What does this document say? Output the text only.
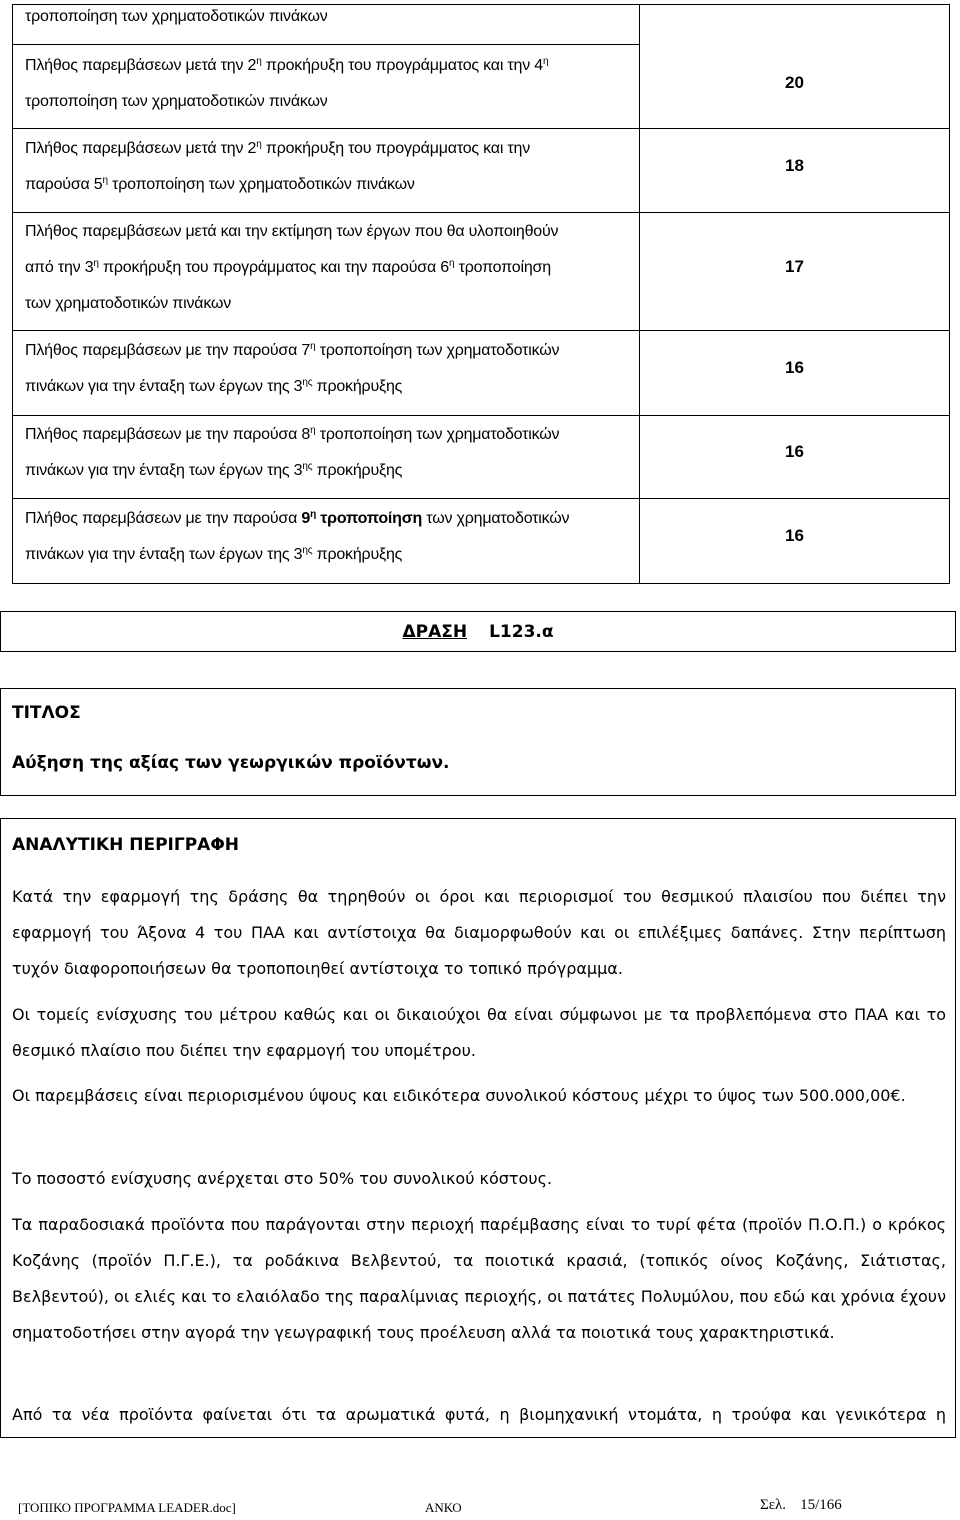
τροποποίηση των χρηματοδοτικών πινάκων
Πλήθος παρεμβάσεων μετά την $2^\eta$ προκήρυξη του προγράμματος και την $4^\eta$
τροποποίηση των χρηματοδοτικών πινάκων
20
Πλήθος παρεμβάσεων μετά την $2^\eta$ προκήρυξη του προγράμματος και την
παρούσα $5^\eta$ τροποποίηση των χρηματοδοτικών πινάκων
18
Πλήθος παρεμβάσεων μετά και την εκτίμηση των έργων που θα υλοποιηθούν
από την $3^\eta$ προκήρυξη του προγράμματος και την παρούσα $6^\eta$ τροποποίηση
των χρηματοδοτικών πινάκων
17
Πλήθος παρεμβάσεων με την παρούσα $7^\eta$ τροποποίηση των χρηματοδοτικών
πινάκων για την ένταξη των έργων της $3^{\eta\varsigma}$ προκήρυξης
16
Πλήθος παρεμβάσεων με την παρούσα $8^\eta$ τροποποίηση των χρηματοδοτικών
πινάκων για την ένταξη των έργων της $3^{\eta\varsigma}$ προκήρυξης
16
Πλήθος παρεμβάσεων με την παρούσα $9^\eta$ τροποποίηση των χρηματοδοτικών
πινάκων για την ένταξη των έργων της $3^{\eta\varsigma}$ προκήρυξης
16
ΔΡΑΣΗ L123.α
ΤΙΤΛΟΣ
Αύξηση της αξίας των γεωργικών προϊόντων.
ΑΝΑΛΥΤΙΚΗ ΠΕΡΙΓΡΑΦΗ

Κατά την εφαρμογή της δράσης θα τηρηθούν οι όροι και περιορισμοί του θεσμικού πλαισίου που διέπει την εφαρμογή του Άξονα 4 του ΠΑΑ και αντίστοιχα θα διαμορφωθούν και οι επιλέξιμες δαπάνες. Στην περίπτωση τυχόν διαφοροποιήσεων θα τροποποιηθεί αντίστοιχα το τοπικό πρόγραμμα.

Οι τομείς ενίσχυσης του μέτρου καθώς και οι δικαιούχοι θα είναι σύμφωνοι με τα προβλεπόμενα στο ΠΑΑ και το θεσμικό πλαίσιο που διέπει την εφαρμογή του υπομέτρου.

Οι παρεμβάσεις είναι περιορισμένου ύψους και ειδικότερα συνολικού κόστους μέχρι το ύψος των 500.000,00€.

Το ποσοστό ενίσχυσης ανέρχεται στο 50% του συνολικού κόστους.

Τα παραδοσιακά προϊόντα που παράγονται στην περιοχή παρέμβασης είναι το τυρί φέτα (προϊόν Π.Ο.Π.) ο κρόκος Κοζάνης (προϊόν Π.Γ.Ε.), τα ροδάκινα Βελβεντού, τα ποιοτικά κρασιά, (τοπικός οίνος Κοζάνης, Σιάτιστας, Βελβεντού), οι ελιές και το ελαιόλαδο της παραλίμνιας περιοχής, οι πατάτες Πολυμύλου, που εδώ και χρόνια έχουν σηματοδοτήσει στην αγορά την γεωγραφική τους προέλευση αλλά τα ποιοτικά τους χαρακτηριστικά.

Από τα νέα προϊόντα φαίνεται ότι τα αρωματικά φυτά, η βιομηχανική ντομάτα, η τρούφα και γενικότερα η

[ΤΟΠΙΚΟ ΠΡΟΓΡΑΜΜΑ LEADER.doc]	ΑΝΚΟ	Σελ. 15/166
